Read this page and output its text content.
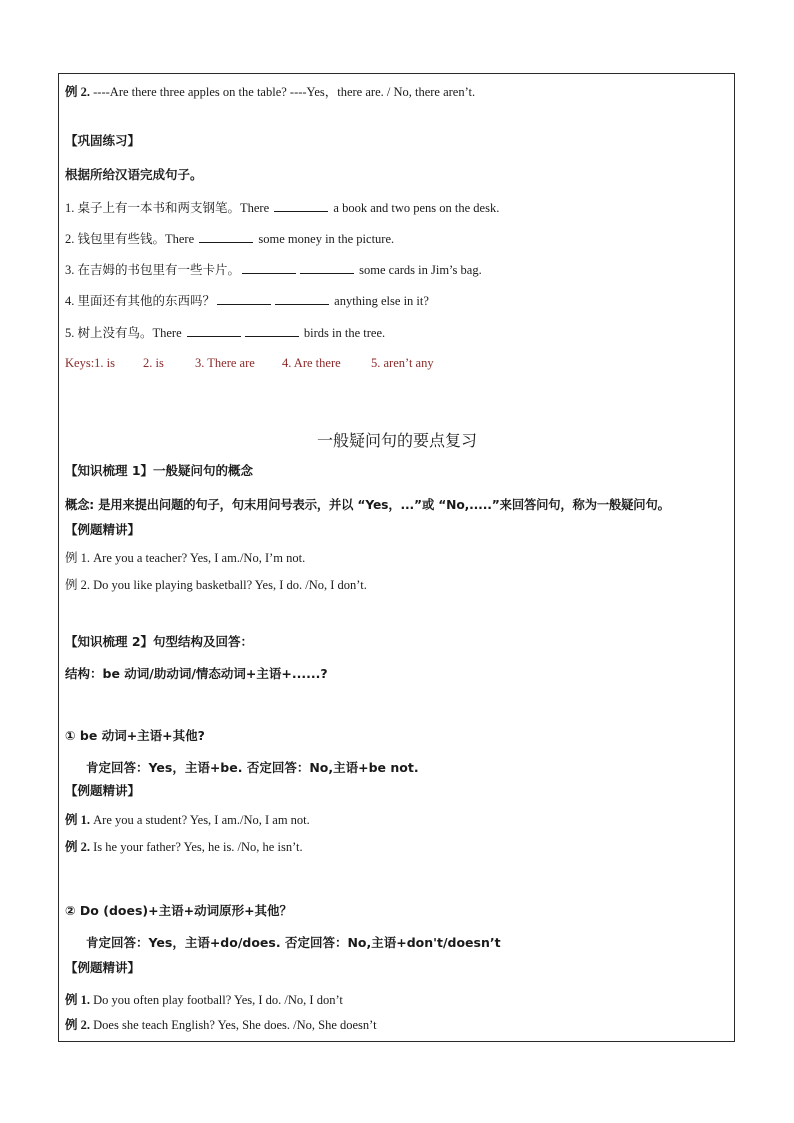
例 2. ----Are there three apples on the table? ----Yes，there are. / No, there aren’t.
【巩固练习】
根据所给汉语完成句子。
1. 桌子上有一本书和两支钢笔。There	a book and two pens on the desk.
2. 钱包里有些钱。There	some money in the picture.
3. 在吉姆的书包里有一些卡片。	some cards in Jim’s bag.
4. 里面还有其他的东西吗？	anything else in it?
5. 树上没有鸟。There	birds in the tree.
Keys:1. is 2. is 3. There are 4. Are there 5. aren’t any
一般疑问句的要点复习
【知识梳理 1】一般疑问句的概念
概念: 是用来提出问题的句子，句末用问号表示，并以 “Yes，...”或 “No,.....”来回答问句，称为一般疑问句。
【例题精讲】
例 1. Are you a teacher? Yes, I am./No, I’m not.
例 2. Do you like playing basketball? Yes, I do. /No, I don’t.
【知识梳理 2】句型结构及回答：
结构：be 动词/助动词/情态动词+主语+......?
① be 动词+主语+其他?
肯定回答：Yes，主语+be. 否定回答：No,主语+be not.
【例题精讲】
例 1. Are you a student? Yes, I am./No, I am not.
例 2. Is he your father? Yes, he is. /No, he isn’t.
② Do (does)+主语+动词原形+其他？
肯定回答：Yes，主语+do/does. 否定回答：No,主语+don't/doesn’t
【例题精讲】
例 1. Do you often play football? Yes, I do. /No, I don’t
例 2. Does she teach English? Yes, She does. /No, She doesn’t
